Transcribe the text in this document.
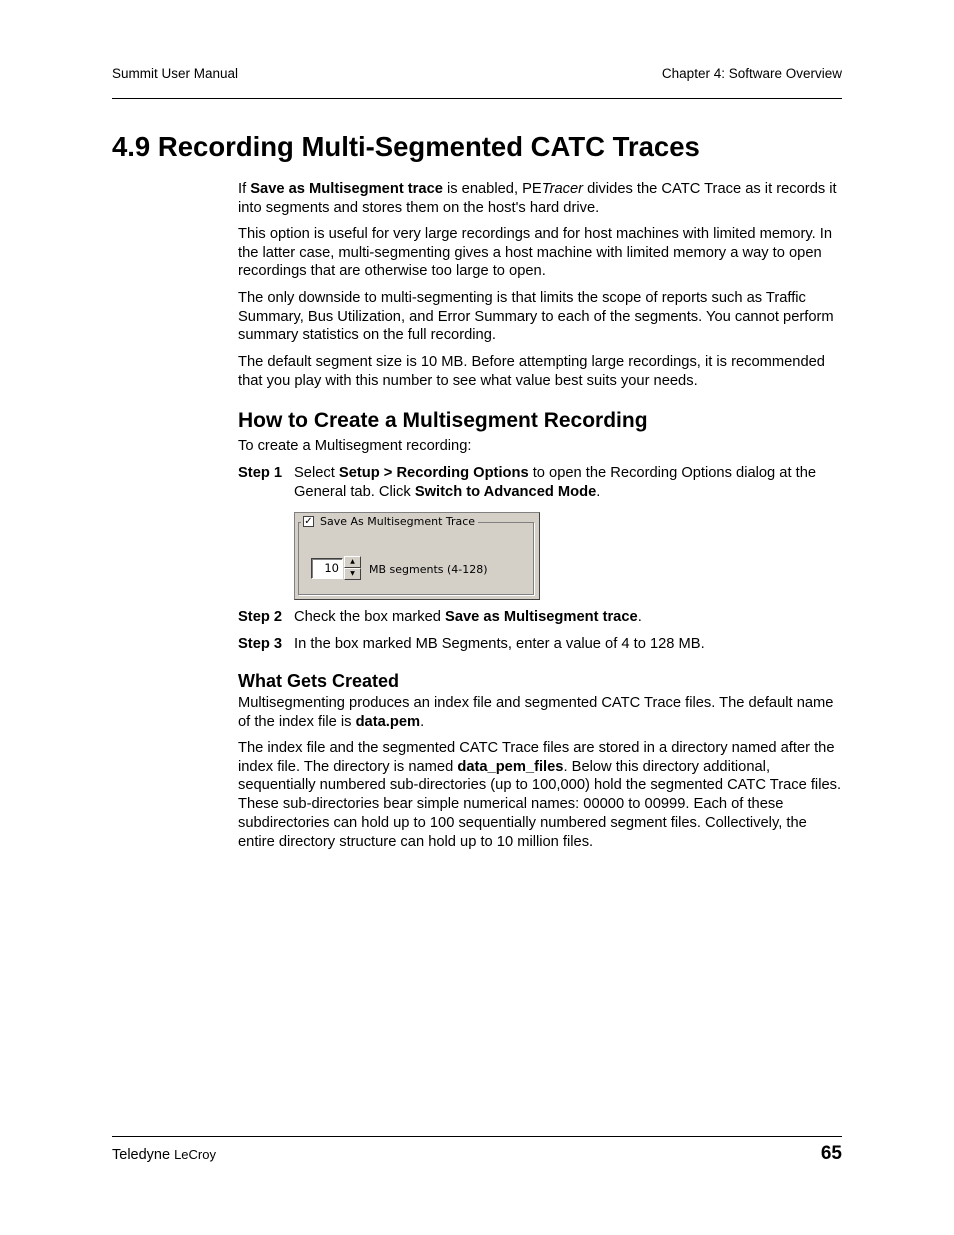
Summit User Manual	Chapter 4: Software Overview
4.9 Recording Multi-Segmented CATC Traces

If Save as Multisegment trace is enabled, PETracer divides the CATC Trace as it records it into segments and stores them on the host's hard drive.

This option is useful for very large recordings and for host machines with limited memory. In the latter case, multi-segmenting gives a host machine with limited memory a way to open recordings that are otherwise too large to open.
The only downside to multi-segmenting is that limits the scope of reports such as Traffic Summary, Bus Utilization, and Error Summary to each of the segments. You cannot perform summary statistics on the full recording.
The default segment size is 10 MB. Before attempting large recordings, it is recommended that you play with this number to see what value best suits your needs.
How to Create a Multisegment Recording
To create a Multisegment recording:
Step 1 Select Setup > Recording Options to open the Recording Options dialog at the General tab. Click Switch to Advanced Mode.
✓ Save As Multisegment Trace
10	▲
▼	MB segments (4-128)
Step 2 Check the box marked Save as Multisegment trace.
Step 3 In the box marked MB Segments, enter a value of 4 to 128 MB.
What Gets Created
Multisegmenting produces an index file and segmented CATC Trace files. The default name of the index file is data.pem.
The index file and the segmented CATC Trace files are stored in a directory named after the index file. The directory is named data_pem_files. Below this directory additional, sequentially numbered sub-directories (up to 100,000) hold the segmented CATC Trace files. These sub-directories bear simple numerical names: 00000 to 00999. Each of these subdirectories can hold up to 100 sequentially numbered segment files. Collectively, the entire directory structure can hold up to 10 million files.
Teledyne LeCroy	65
